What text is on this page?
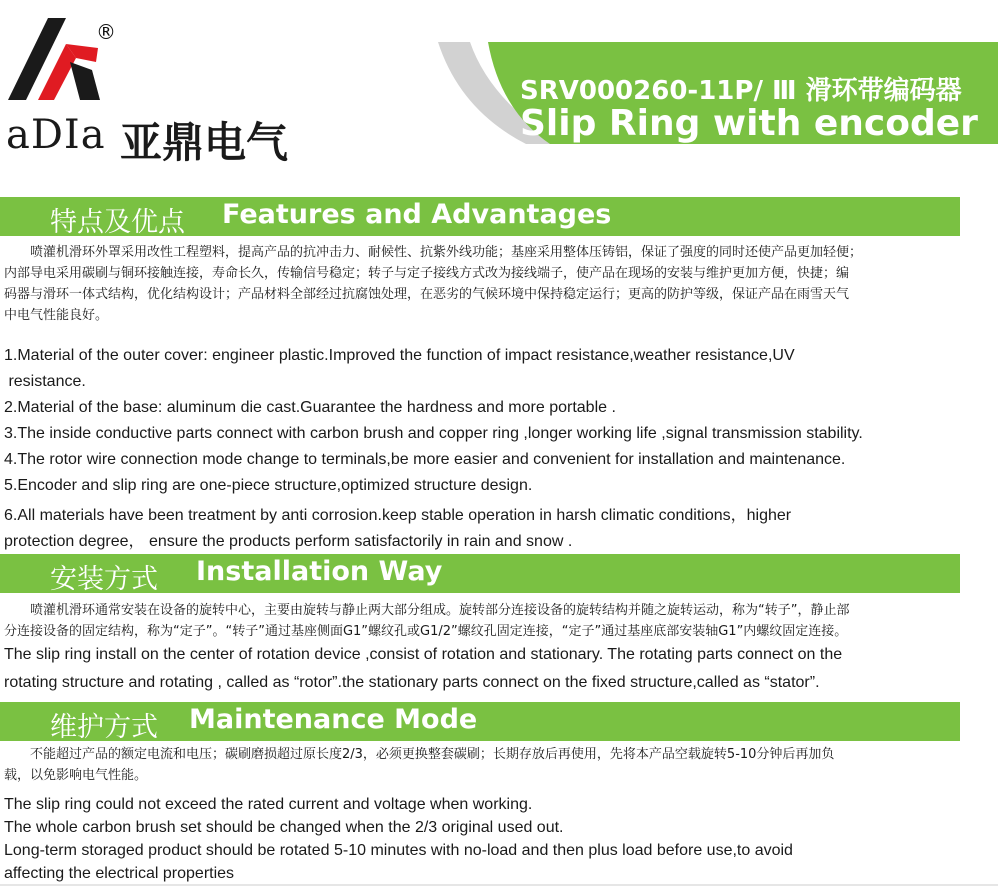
®
aDIa 亚鼎电气
SRV000260-11P/ Ⅲ 滑环带编码器
Slip Ring with encoder
特点及优点 Features and Advantages
喷灌机滑环外罩采用改性工程塑料，提高产品的抗冲击力、耐候性、抗紫外线功能；基座采用整体压铸铝，保证了强度的同时还使产品更加轻便；
内部导电采用碳刷与铜环接触连接，寿命长久，传输信号稳定；转子与定子接线方式改为接线端子，使产品在现场的安装与维护更加方便，快捷；编
码器与滑环一体式结构，优化结构设计；产品材料全部经过抗腐蚀处理，在恶劣的气候环境中保持稳定运行；更高的防护等级，保证产品在雨雪天气
中电气性能良好。
1.Material of the outer cover: engineer plastic.Improved the function of impact resistance,weather resistance,UV
resistance.
2.Material of the base: aluminum die cast.Guarantee the hardness and more portable .
3.The inside conductive parts connect with carbon brush and copper ring ,longer working life ,signal transmission stability.
4.The rotor wire connection mode change to terminals,be more easier and convenient for installation and maintenance.
5.Encoder and slip ring are one-piece structure,optimized structure design.
6.All materials have been treatment by anti corrosion.keep stable operation in harsh climatic conditions，higher
protection degree， ensure the products perform satisfactorily in rain and snow .
安装方式 Installation Way
喷灌机滑环通常安装在设备的旋转中心，主要由旋转与静止两大部分组成。旋转部分连接设备的旋转结构并随之旋转运动，称为“转子”，静止部
分连接设备的固定结构，称为“定子”。“转子”通过基座侧面G1”螺纹孔或G1/2”螺纹孔固定连接，“定子”通过基座底部安装轴G1”内螺纹固定连接。
The slip ring install on the center of rotation device ,consist of rotation and stationary. The rotating parts connect on the
rotating structure and rotating , called as “rotor”.the stationary parts connect on the fixed structure,called as “stator”.
维护方式 Maintenance Mode
不能超过产品的额定电流和电压；碳刷磨损超过原长度2/3，必须更换整套碳刷；长期存放后再使用，先将本产品空载旋转5-10分钟后再加负
载，以免影响电气性能。
The slip ring could not exceed the rated current and voltage when working.
The whole carbon brush set should be changed when the 2/3 original used out.
Long-term storaged product should be rotated 5-10 minutes with no-load and then plus load before use,to avoid
affecting the electrical properties
